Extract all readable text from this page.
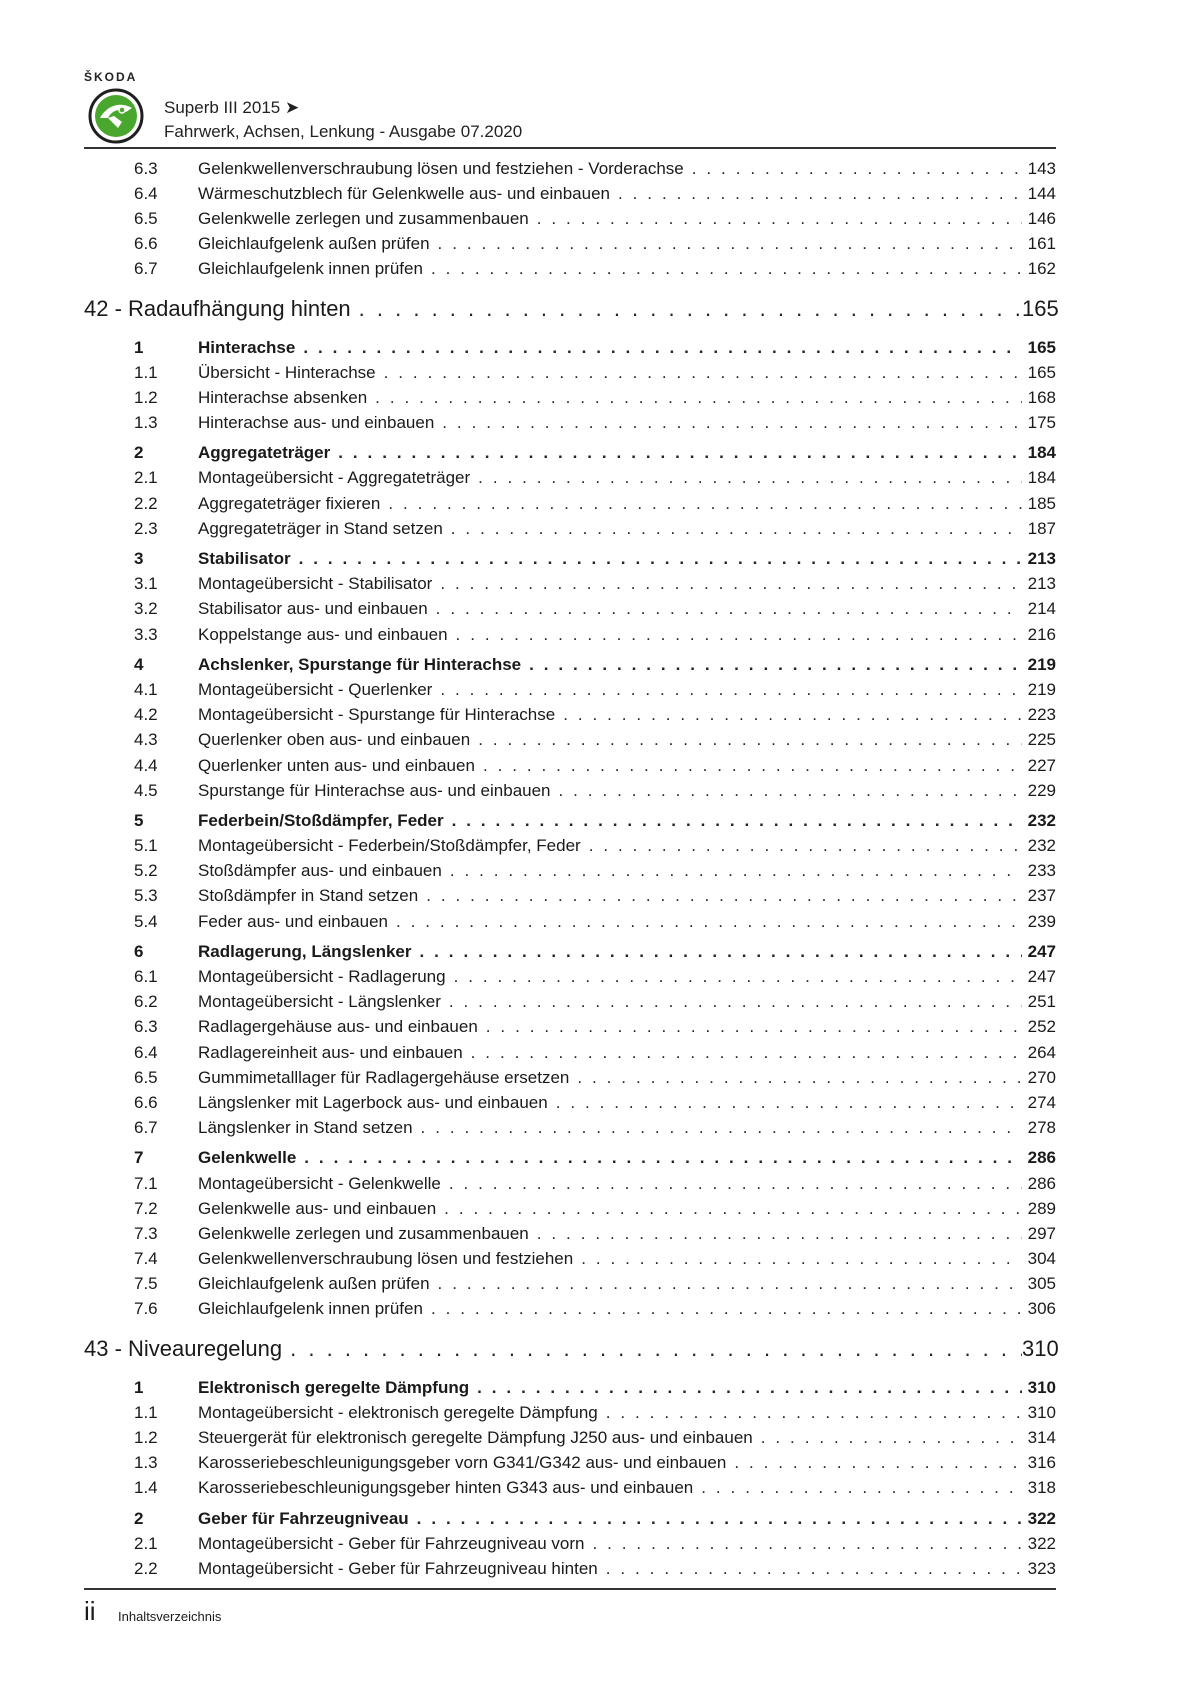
ŠKODA
Superb III 2015 ➤
Fahrwerk, Achsen, Lenkung - Ausgabe 07.2020
6.3	Gelenkwellenverschraubung lösen und festziehen - Vorderachse . . .	143
6.4	Wärmeschutzblech für Gelenkwelle aus- und einbauen . . .	144
6.5	Gelenkwelle zerlegen und zusammenbauen . . .	146
6.6	Gleichlaufgelenk außen prüfen . . .	161
6.7	Gleichlaufgelenk innen prüfen . . .	162
42 - Radaufhängung hinten . . .	165
1	Hinterachse . . .	165
1.1	Übersicht - Hinterachse . . .	165
1.2	Hinterachse absenken . . .	168
1.3	Hinterachse aus- und einbauen . . .	175
2	Aggregateträger . . .	184
2.1	Montageübersicht - Aggregateträger . . .	184
2.2	Aggregateträger fixieren . . .	185
2.3	Aggregateträger in Stand setzen . . .	187
3	Stabilisator . . .	213
3.1	Montageübersicht - Stabilisator . . .	213
3.2	Stabilisator aus- und einbauen . . .	214
3.3	Koppelstange aus- und einbauen . . .	216
4	Achslenker, Spurstange für Hinterachse . . .	219
4.1	Montageübersicht - Querlenker . . .	219
4.2	Montageübersicht - Spurstange für Hinterachse . . .	223
4.3	Querlenker oben aus- und einbauen . . .	225
4.4	Querlenker unten aus- und einbauen . . .	227
4.5	Spurstange für Hinterachse aus- und einbauen . . .	229
5	Federbein/Stoßdämpfer, Feder . . .	232
5.1	Montageübersicht - Federbein/Stoßdämpfer, Feder . . .	232
5.2	Stoßdämpfer aus- und einbauen . . .	233
5.3	Stoßdämpfer in Stand setzen . . .	237
5.4	Feder aus- und einbauen . . .	239
6	Radlagerung, Längslenker . . .	247
6.1	Montageübersicht - Radlagerung . . .	247
6.2	Montageübersicht - Längslenker . . .	251
6.3	Radlagergehäuse aus- und einbauen . . .	252
6.4	Radlagereinheit aus- und einbauen . . .	264
6.5	Gummimetalllager für Radlagergehäuse ersetzen . . .	270
6.6	Längslenker mit Lagerbock aus- und einbauen . . .	274
6.7	Längslenker in Stand setzen . . .	278
7	Gelenkwelle . . .	286
7.1	Montageübersicht - Gelenkwelle . . .	286
7.2	Gelenkwelle aus- und einbauen . . .	289
7.3	Gelenkwelle zerlegen und zusammenbauen . . .	297
7.4	Gelenkwellenverschraubung lösen und festziehen . . .	304
7.5	Gleichlaufgelenk außen prüfen . . .	305
7.6	Gleichlaufgelenk innen prüfen . . .	306
43 - Niveauregelung . . .	310
1	Elektronisch geregelte Dämpfung . . .	310
1.1	Montageübersicht - elektronisch geregelte Dämpfung . . .	310
1.2	Steuergerät für elektronisch geregelte Dämpfung J250 aus- und einbauen . . .	314
1.3	Karosseriebeschleunigungsgeber vorn G341/G342 aus- und einbauen . . .	316
1.4	Karosseriebeschleunigungsgeber hinten G343 aus- und einbauen . . .	318
2	Geber für Fahrzeugniveau . . .	322
2.1	Montageübersicht - Geber für Fahrzeugniveau vorn . . .	322
2.2	Montageübersicht - Geber für Fahrzeugniveau hinten . . .	323
ii Inhaltsverzeichnis
